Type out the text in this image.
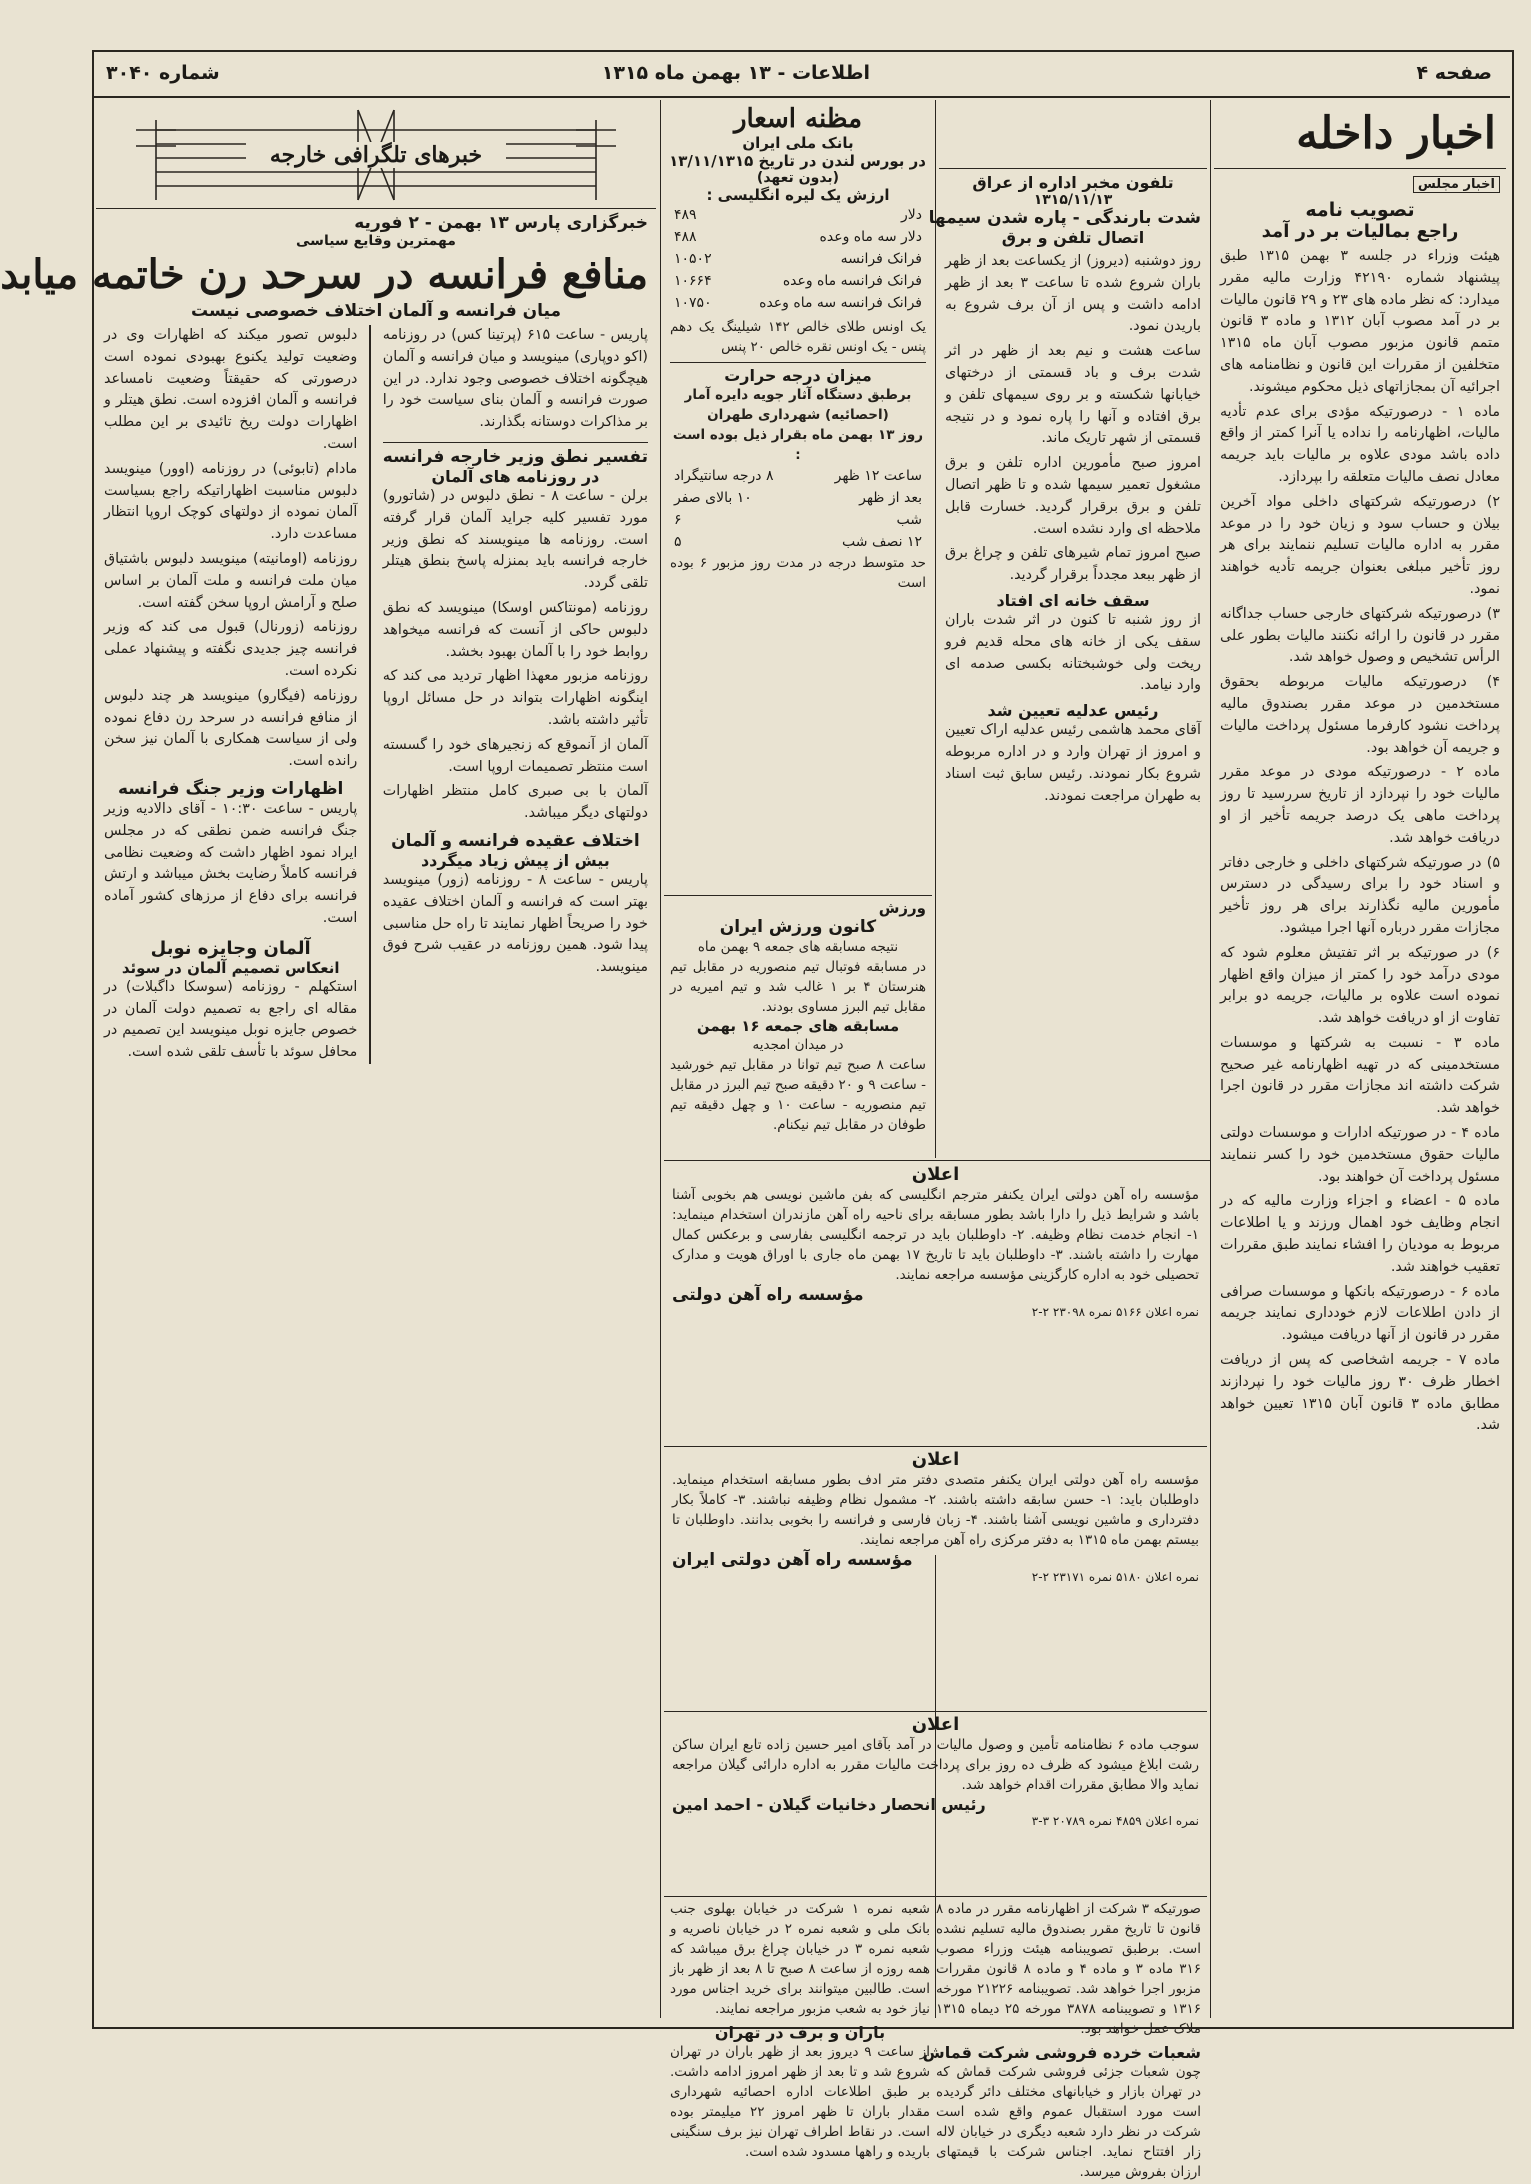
صفحه ۴
اطلاعات - ۱۳ بهمن ماه ۱۳۱۵
شماره ۳۰۴۰
اخبار داخله
اخبار مجلس
تصویب نامه
راجع بمالیات بر در آمد

هیئت وزراء در جلسه ۳ بهمن ۱۳۱۵ طبق پیشنهاد شماره ۴۲۱۹۰ وزارت مالیه مقرر میدارد: که نظر ماده های ۲۳ و ۲۹ قانون مالیات بر در آمد مصوب آبان ۱۳۱۲ و ماده ۳ قانون متمم قانون مزبور مصوب آبان ماه ۱۳۱۵ متخلفین از مقررات این قانون و نظامنامه های اجرائیه آن بمجازاتهای ذیل محکوم میشوند.

ماده ۱ - درصورتیکه مؤدی برای عدم تأدیه مالیات، اظهارنامه را نداده یا آنرا کمتر از واقع داده باشد مودی علاوه بر مالیات باید جریمه معادل نصف مالیات متعلقه را بپردازد.

۲) درصورتیکه شرکتهای داخلی مواد آخرین بیلان و حساب سود و زیان خود را در موعد مقرر به اداره مالیات تسلیم ننمایند برای هر روز تأخیر مبلغی بعنوان جریمه تأدیه خواهند نمود.

۳) درصورتیکه شرکتهای خارجی حساب جداگانه مقرر در قانون را ارائه نکنند مالیات بطور علی الرأس تشخیص و وصول خواهد شد.

۴) درصورتیکه مالیات مربوطه بحقوق مستخدمین در موعد مقرر بصندوق مالیه پرداخت نشود کارفرما مسئول پرداخت مالیات و جریمه آن خواهد بود.

ماده ۲ - درصورتیکه مودی در موعد مقرر مالیات خود را نپردازد از تاریخ سررسید تا روز پرداخت ماهی یک درصد جریمه تأخیر از او دریافت خواهد شد.

۵) در صورتیکه شرکتهای داخلی و خارجی دفاتر و اسناد خود را برای رسیدگی در دسترس مأمورین مالیه نگذارند برای هر روز تأخیر مجازات مقرر درباره آنها اجرا میشود.

۶) در صورتیکه بر اثر تفتیش معلوم شود که مودی درآمد خود را کمتر از میزان واقع اظهار نموده است علاوه بر مالیات، جریمه دو برابر تفاوت از او دریافت خواهد شد.

ماده ۳ - نسبت به شرکتها و موسسات مستخدمینی که در تهیه اظهارنامه غیر صحیح شرکت داشته اند مجازات مقرر در قانون اجرا خواهد شد.

ماده ۴ - در صورتیکه ادارات و موسسات دولتی مالیات حقوق مستخدمین خود را کسر ننمایند مسئول پرداخت آن خواهند بود.

ماده ۵ - اعضاء و اجزاء وزارت مالیه که در انجام وظایف خود اهمال ورزند و یا اطلاعات مربوط به مودیان را افشاء نمایند طبق مقررات تعقیب خواهند شد.

ماده ۶ - درصورتیکه بانکها و موسسات صرافی از دادن اطلاعات لازم خودداری نمایند جریمه مقرر در قانون از آنها دریافت میشود.

ماده ۷ - جریمه اشخاصی که پس از دریافت اخطار ظرف ۳۰ روز مالیات خود را نپردازند مطابق ماده ۳ قانون آبان ۱۳۱۵ تعیین خواهد شد.

تلفون مخبر اداره از عراق
۱۳۱۵/۱۱/۱۳
شدت بارندگی - پاره شدن سیمها
اتصال تلفن و برق

روز دوشنبه (دیروز) از یکساعت بعد از ظهر باران شروع شده تا ساعت ۳ بعد از ظهر ادامه داشت و پس از آن برف شروع به باریدن نمود.

ساعت هشت و نیم بعد از ظهر در اثر شدت برف و باد قسمتی از درختهای خیابانها شکسته و بر روی سیمهای تلفن و برق افتاده و آنها را پاره نمود و در نتیجه قسمتی از شهر تاریک ماند.

امروز صبح مأمورین اداره تلفن و برق مشغول تعمیر سیمها شده و تا ظهر اتصال تلفن و برق برقرار گردید. خسارت قابل ملاحظه ای وارد نشده است.

صبح امروز تمام شیرهای تلفن و چراغ برق از ظهر ببعد مجدداً برقرار گردید.

سقف خانه ای افتاد
از روز شنبه تا کنون در اثر شدت باران سقف یکی از خانه های محله قدیم فرو ریخت ولی خوشبختانه بکسی صدمه ای وارد نیامد.
رئیس عدلیه تعیین شد
آقای محمد هاشمی رئیس عدلیه اراک تعیین و امروز از تهران وارد و در اداره مربوطه شروع بکار نمودند. رئیس سابق ثبت اسناد به طهران مراجعت نمودند.
مظنه اسعار
بانک ملی ایران
در بورس لندن در تاریخ ۱۳/۱۱/۱۳۱۵
(بدون تعهد)
ارزش یک لیره انگلیسی :
دلار	۴۸۹
دلار سه ماه وعده	۴۸۸
فرانک فرانسه	۱۰۵۰۲
فرانک فرانسه ماه وعده	۱۰۶۶۴
فرانک فرانسه سه ماه وعده	۱۰۷۵۰
یک اونس طلای خالص ۱۴۲ شیلینگ یک دهم پنس - یک اونس نقره خالص ۲۰ پنس
میزان درجه حرارت
برطبق دستگاه آثار جویه دایره آمار (احصائیه) شهرداری طهران
روز ۱۳ بهمن ماه بقرار ذیل بوده است :
ساعت ۱۲ ظهر	۸ درجه سانتیگراد
بعد از ظهر	۱۰ بالای صفر
شب	۶
۱۲ نصف شب	۵
حد متوسط درجه در مدت روز مزبور ۶ بوده است
ورزش
کانون ورزش ایران
نتیجه مسابقه های جمعه ۹ بهمن ماه
در مسابقه فوتبال تیم منصوریه در مقابل تیم هنرستان ۴ بر ۱ غالب شد و تیم امیریه در مقابل تیم البرز مساوی بودند.
مسابقه های جمعه ۱۶ بهمن
در میدان امجدیه
ساعت ۸ صبح تیم توانا در مقابل تیم خورشید - ساعت ۹ و ۲۰ دقیقه صبح تیم البرز در مقابل تیم منصوریه - ساعت ۱۰ و چهل دقیقه تیم طوفان در مقابل تیم نیکنام.
اعلان
مؤسسه راه آهن دولتی ایران یکنفر مترجم انگلیسی که بفن ماشین نویسی هم بخوبی آشنا باشد و شرایط ذیل را دارا باشد بطور مسابقه برای ناحیه راه آهن مازندران استخدام مینماید: ۱- انجام خدمت نظام وظیفه. ۲- داوطلبان باید در ترجمه انگلیسی بفارسی و برعکس کمال مهارت را داشته باشند. ۳- داوطلبان باید تا تاریخ ۱۷ بهمن ماه جاری با اوراق هویت و مدارک تحصیلی خود به اداره کارگزینی مؤسسه مراجعه نمایند.
مؤسسه راه آهن دولتی
نمره اعلان ۵۱۶۶ نمره ۲۳۰۹۸ ۲-۲
اعلان
مؤسسه راه آهن دولتی ایران یکنفر متصدی دفتر متر ادف بطور مسابقه استخدام مینماید. داوطلبان باید: ۱- حسن سابقه داشته باشند. ۲- مشمول نظام وظیفه نباشند. ۳- کاملاً بکار دفترداری و ماشین نویسی آشنا باشند. ۴- زبان فارسی و فرانسه را بخوبی بدانند. داوطلبان تا بیستم بهمن ماه ۱۳۱۵ به دفتر مرکزی راه آهن مراجعه نمایند.
مؤسسه راه آهن دولتی ایران
نمره اعلان ۵۱۸۰ نمره ۲۳۱۷۱ ۲-۲
اعلان
سوجب ماده ۶ نظامنامه تأمین و وصول مالیات در آمد بآقای امیر حسین زاده تابع ایران ساکن رشت ابلاغ میشود که ظرف ده روز برای پرداخت مالیات مقرر به اداره دارائی گیلان مراجعه نماید والا مطابق مقررات اقدام خواهد شد.
رئیس انحصار دخانیات گیلان - احمد امین
نمره اعلان ۴۸۵۹ نمره ۲۰۷۸۹ ۳-۳
صورتیکه ۳ شرکت از اظهارنامه مقرر در ماده ۸ قانون تا تاریخ مقرر بصندوق مالیه تسلیم نشده است. برطبق تصویبنامه هیئت وزراء مصوب ۳۱۶ ماده ۳ و ماده ۴ و ماده ۸ قانون مقررات مزبور اجرا خواهد شد. تصویبنامه ۲۱۲۲۶ مورخه ۱۳۱۶ و تصویبنامه ۳۸۷۸ مورخه ۲۵ دیماه ۱۳۱۵ ملاک عمل خواهد بود.
شعبات خرده فروشی شرکت قماش
چون شعبات جزئی فروشی شرکت قماش که در تهران بازار و خیابانهای مختلف دائر گردیده است مورد استقبال عموم واقع شده است شرکت در نظر دارد شعبه دیگری در خیابان لاله زار افتتاح نماید. اجناس شرکت با قیمتهای ارزان بفروش میرسد.
شعبه نمره ۱ شرکت در خیابان بهلوی جنب بانک ملی و شعبه نمره ۲ در خیابان ناصریه و شعبه نمره ۳ در خیابان چراغ برق میباشد که همه روزه از ساعت ۸ صبح تا ۸ بعد از ظهر باز است. طالبین میتوانند برای خرید اجناس مورد نیاز خود به شعب مزبور مراجعه نمایند.
باران و برف در تهران
از ساعت ۹ دیروز بعد از ظهر باران در تهران شروع شد و تا بعد از ظهر امروز ادامه داشت. بر طبق اطلاعات اداره احصائیه شهرداری مقدار باران تا ظهر امروز ۲۲ میلیمتر بوده است. در نقاط اطراف تهران نیز برف سنگینی باریده و راهها مسدود شده است.
خبرهای تلگرافی خارجه
خبرگزاری پارس ۱۳ بهمن - ۲ فوریه
مهمترین وقایع سیاسی
منافع فرانسه در سرحد رن خاتمه میابد
میان فرانسه و آلمان اختلاف خصوصی نیست
پاریس - ساعت ۶۱۵ (پرتینا کس) در روزنامه (اکو دوپاری) مینویسد و میان فرانسه و آلمان هیچگونه اختلاف خصوصی وجود ندارد. در این صورت فرانسه و آلمان بنای سیاست خود را بر مذاکرات دوستانه بگذارند.
تفسیر نطق وزیر خارجه فرانسه
در روزنامه های آلمان

برلن - ساعت ۸ - نطق دلبوس در (شاتورو) مورد تفسیر کلیه جراید آلمان قرار گرفته است. روزنامه ها مینویسند که نطق وزیر خارجه فرانسه باید بمنزله پاسخ بنطق هیتلر تلقی گردد.

روزنامه (مونتاکس اوسکا) مینویسد که نطق دلبوس حاکی از آنست که فرانسه میخواهد روابط خود را با آلمان بهبود بخشد.

روزنامه مزبور معهذا اظهار تردید می کند که اینگونه اظهارات بتواند در حل مسائل اروپا تأثیر داشته باشد.

آلمان از آنموقع که زنجیرهای خود را گسسته است منتظر تصمیمات اروپا است.

آلمان با بی صبری کامل منتظر اظهارات دولتهای دیگر میباشد.

اختلاف عقیده فرانسه و آلمان
بیش از پیش زیاد میگردد
پاریس - ساعت ۸ - روزنامه (زور) مینویسد بهتر است که فرانسه و آلمان اختلاف عقیده خود را صریحاً اظهار نمایند تا راه حل مناسبی پیدا شود. همین روزنامه در عقیب شرح فوق مینویسد.

دلبوس تصور میکند که اظهارات وی در وضعیت تولید یکنوع بهبودی نموده است درصورتی که حقیقتاً وضعیت نامساعد فرانسه و آلمان افزوده است. نطق هیتلر و اظهارات دولت ریخ تائیدی بر این مطلب است.

مادام (تابوئی) در روزنامه (اوور) مینویسد دلبوس مناسبت اظهاراتیکه راجع بسیاست آلمان نموده از دولتهای کوچک اروپا انتظار مساعدت دارد.

روزنامه (اومانیته) مینویسد دلبوس باشتیاق میان ملت فرانسه و ملت آلمان بر اساس صلح و آرامش اروپا سخن گفته است.

روزنامه (زورنال) قبول می کند که وزیر فرانسه چیز جدیدی نگفته و پیشنهاد عملی نکرده است.

روزنامه (فیگارو) مینویسد هر چند دلبوس از منافع فرانسه در سرحد رن دفاع نموده ولی از سیاست همکاری با آلمان نیز سخن رانده است.

اظهارات وزیر جنگ فرانسه
پاریس - ساعت ۱۰:۳۰ - آقای دالادیه وزیر جنگ فرانسه ضمن نطقی که در مجلس ایراد نمود اظهار داشت که وضعیت نظامی فرانسه کاملاً رضایت بخش میباشد و ارتش فرانسه برای دفاع از مرزهای کشور آماده است.
آلمان وجایزه نوبل
انعکاس تصمیم آلمان در سوئد
استکهلم - روزنامه (سوسکا داگبلات) در مقاله ای راجع به تصمیم دولت آلمان در خصوص جایزه نوبل مینویسد این تصمیم در محافل سوئد با تأسف تلقی شده است.
